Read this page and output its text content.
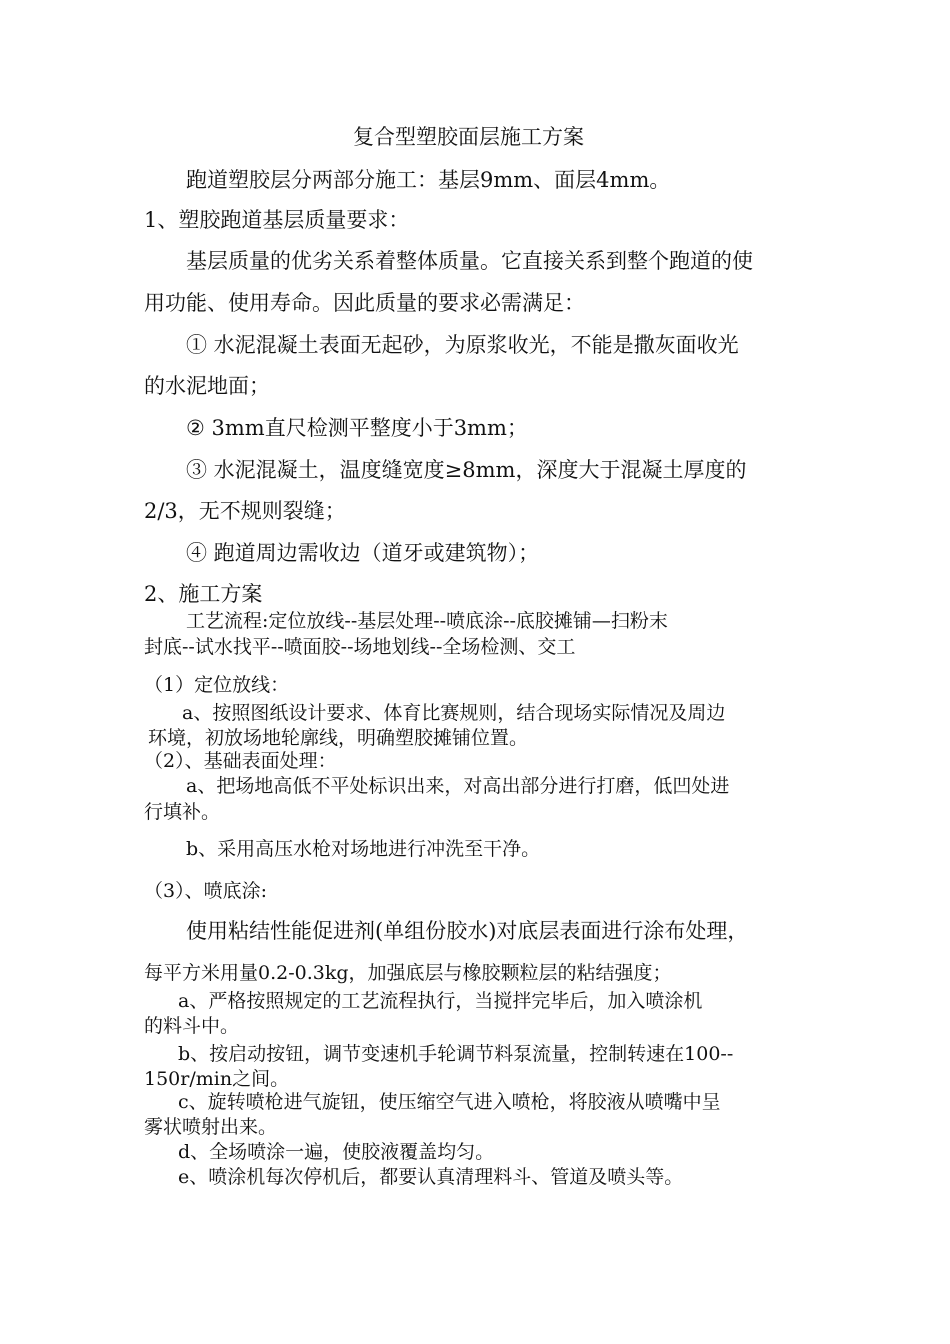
复合型塑胶面层施工方案
跑道塑胶层分两部分施工：基层9mm、面层4mm。
1、塑胶跑道基层质量要求：
基层质量的优劣关系着整体质量。它直接关系到整个跑道的使
用功能、使用寿命。因此质量的要求必需满足：
① 水泥混凝土表面无起砂，为原浆收光，不能是撒灰面收光
的水泥地面；
② 3mm直尺检测平整度小于3mm；
③ 水泥混凝土，温度缝宽度≥8mm，深度大于混凝土厚度的
2/3，无不规则裂缝；
④ 跑道周边需收边（道牙或建筑物）；
2、施工方案
工艺流程:定位放线--基层处理--喷底涂--底胶摊铺—扫粉末
封底--试水找平--喷面胶--场地划线--全场检测、交工
（1）定位放线：
a、按照图纸设计要求、体育比赛规则，结合现场实际情况及周边
环境，初放场地轮廓线，明确塑胶摊铺位置。
（2）、基础表面处理：
a、把场地高低不平处标识出来，对高出部分进行打磨，低凹处进
行填补。
b、采用高压水枪对场地进行冲洗至干净。
（3）、喷底涂:
使用粘结性能促进剂(单组份胶水)对底层表面进行涂布处理，
每平方米用量0.2-0.3kg，加强底层与橡胶颗粒层的粘结强度；
a、严格按照规定的工艺流程执行，当搅拌完毕后，加入喷涂机
的料斗中。
b、按启动按钮，调节变速机手轮调节料泵流量，控制转速在100--
150r/min之间。
c、旋转喷枪进气旋钮，使压缩空气进入喷枪，将胶液从喷嘴中呈
雾状喷射出来。
d、全场喷涂一遍，使胶液覆盖均匀。
e、喷涂机每次停机后，都要认真清理料斗、管道及喷头等。
